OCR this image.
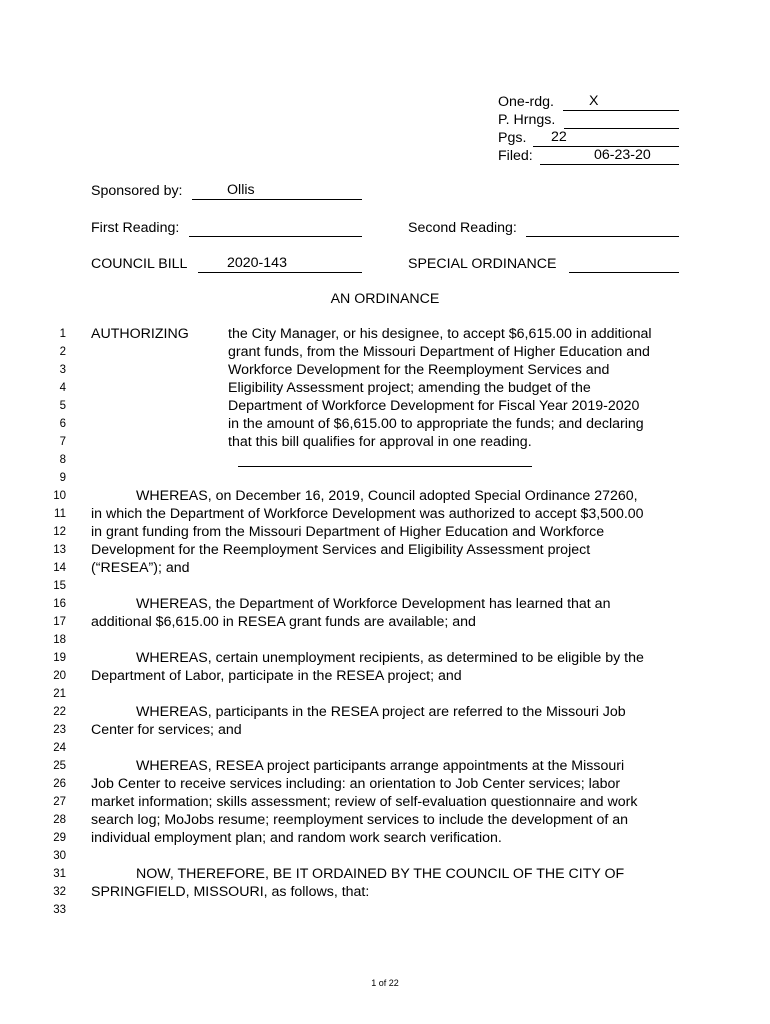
One-rdg. X
P. Hrngs.
Pgs. 22
Filed:	06-23-20
Sponsored by:	Ollis
First Reading:	Second Reading:
COUNCIL BILL	2020-143	SPECIAL ORDINANCE
AN ORDINANCE
1
2
3
4
5
6
7
8
9
10
11
12
13
14
15
16
17
18
19
20
21
22
23
24
25
26
27
28
29
30
31
32
33
AUTHORIZING	the City Manager, or his designee, to accept $6,615.00 in additional
grant funds, from the Missouri Department of Higher Education and
Workforce Development for the Reemployment Services and
Eligibility Assessment project; amending the budget of the
Department of Workforce Development for Fiscal Year 2019-2020
in the amount of $6,615.00 to appropriate the funds; and declaring
that this bill qualifies for approval in one reading.
WHEREAS, on December 16, 2019, Council adopted Special Ordinance 27260,
in which the Department of Workforce Development was authorized to accept $3,500.00
in grant funding from the Missouri Department of Higher Education and Workforce
Development for the Reemployment Services and Eligibility Assessment project
(“RESEA”); and
WHEREAS, the Department of Workforce Development has learned that an
additional $6,615.00 in RESEA grant funds are available; and
WHEREAS, certain unemployment recipients, as determined to be eligible by the
Department of Labor, participate in the RESEA project; and
WHEREAS, participants in the RESEA project are referred to the Missouri Job
Center for services; and
WHEREAS, RESEA project participants arrange appointments at the Missouri
Job Center to receive services including: an orientation to Job Center services; labor
market information; skills assessment; review of self-evaluation questionnaire and work
search log; MoJobs resume; reemployment services to include the development of an
individual employment plan; and random work search verification.
NOW, THEREFORE, BE IT ORDAINED BY THE COUNCIL OF THE CITY OF
SPRINGFIELD, MISSOURI, as follows, that:
1 of 22
